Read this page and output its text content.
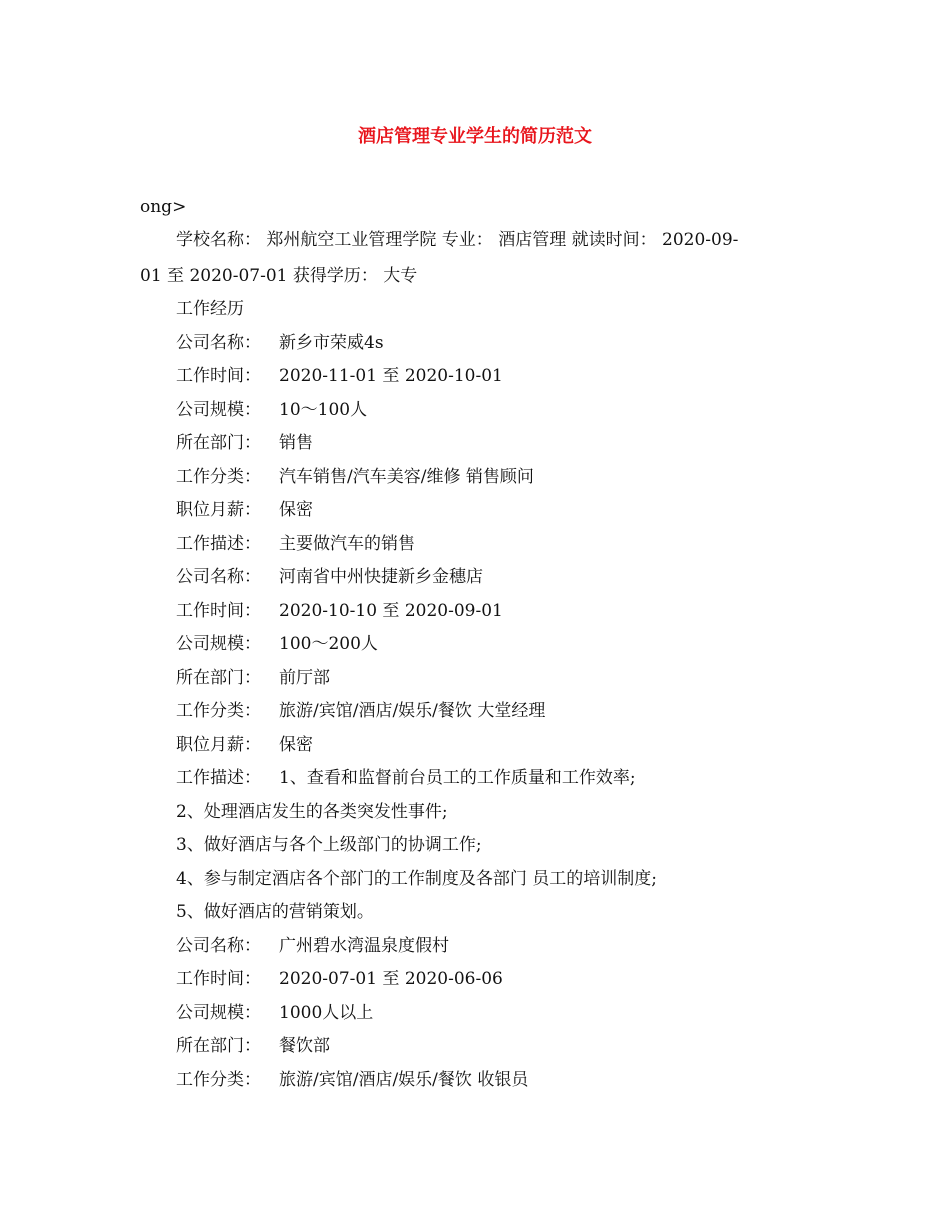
酒店管理专业学生的简历范文
ong>
学校名称： 郑州航空工业管理学院 专业： 酒店管理 就读时间： 2020-09-
01 至 2020-07-01 获得学历： 大专
工作经历
公司名称： 新乡市荣威4s
工作时间： 2020-11-01 至 2020-10-01
公司规模： 10～100人
所在部门： 销售
工作分类： 汽车销售/汽车美容/维修 销售顾问
职位月薪： 保密
工作描述： 主要做汽车的销售
公司名称： 河南省中州快捷新乡金穗店
工作时间： 2020-10-10 至 2020-09-01
公司规模： 100～200人
所在部门： 前厅部
工作分类： 旅游/宾馆/酒店/娱乐/餐饮 大堂经理
职位月薪： 保密
工作描述： 1、查看和监督前台员工的工作质量和工作效率;
2、处理酒店发生的各类突发性事件;
3、做好酒店与各个上级部门的协调工作;
4、参与制定酒店各个部门的工作制度及各部门 员工的培训制度;
5、做好酒店的营销策划。
公司名称： 广州碧水湾温泉度假村
工作时间： 2020-07-01 至 2020-06-06
公司规模： 1000人以上
所在部门： 餐饮部
工作分类： 旅游/宾馆/酒店/娱乐/餐饮 收银员
